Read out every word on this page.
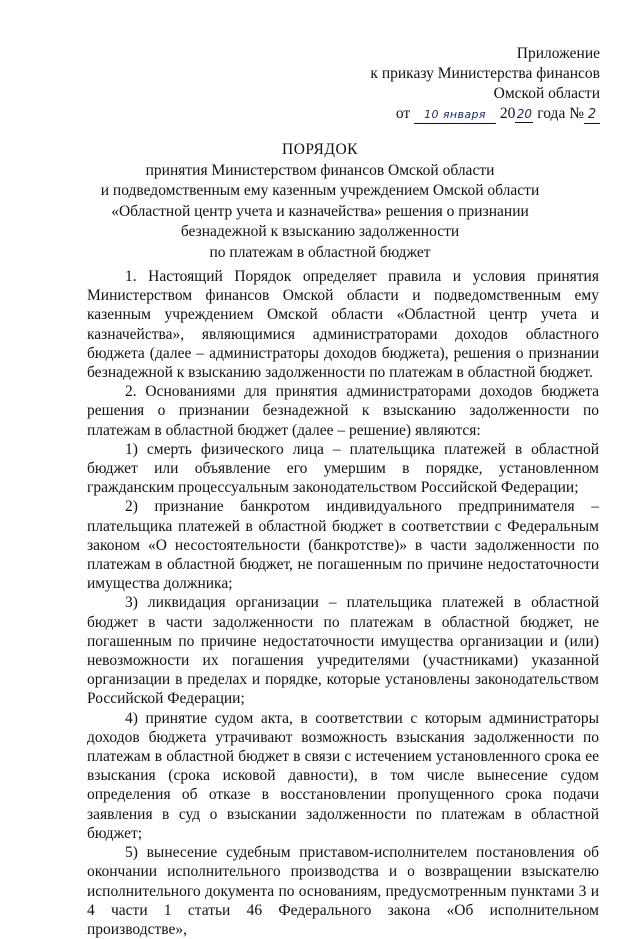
Приложение
к приказу Министерства финансов
Омской области
от 10 января 2020 года № 2
ПОРЯДОК
принятия Министерством финансов Омской области
и подведомственным ему казенным учреждением Омской области
«Областной центр учета и казначейства» решения о признании
безнадежной к взысканию задолженности
по платежам в областной бюджет

1. Настоящий Порядок определяет правила и условия принятия Министерством финансов Омской области и подведомственным ему казенным учреждением Омской области «Областной центр учета и казначейства», являющимися администраторами доходов областного бюджета (далее – администраторы доходов бюджета), решения о признании безнадежной к взысканию задолженности по платежам в областной бюджет.

2. Основаниями для принятия администраторами доходов бюджета решения о признании безнадежной к взысканию задолженности по платежам в областной бюджет (далее – решение) являются:

1) смерть физического лица – плательщика платежей в областной бюджет или объявление его умершим в порядке, установленном гражданским процессуальным законодательством Российской Федерации;

2) признание банкротом индивидуального предпринимателя – плательщика платежей в областной бюджет в соответствии с Федеральным законом «О несостоятельности (банкротстве)» в части задолженности по платежам в областной бюджет, не погашенным по причине недостаточности имущества должника;

3) ликвидация организации – плательщика платежей в областной бюджет в части задолженности по платежам в областной бюджет, не погашенным по причине недостаточности имущества организации и (или) невозможности их погашения учредителями (участниками) указанной организации в пределах и порядке, которые установлены законодательством Российской Федерации;

4) принятие судом акта, в соответствии с которым администраторы доходов бюджета утрачивают возможность взыскания задолженности по платежам в областной бюджет в связи с истечением установленного срока ее взыскания (срока исковой давности), в том числе вынесение судом определения об отказе в восстановлении пропущенного срока подачи заявления в суд о взыскании задолженности по платежам в областной бюджет;

5) вынесение судебным приставом-исполнителем постановления об окончании исполнительного производства и о возвращении взыскателю исполнительного документа по основаниям, предусмотренным пунктами 3 и 4 части 1 статьи 46 Федерального закона «Об исполнительном производстве»,
